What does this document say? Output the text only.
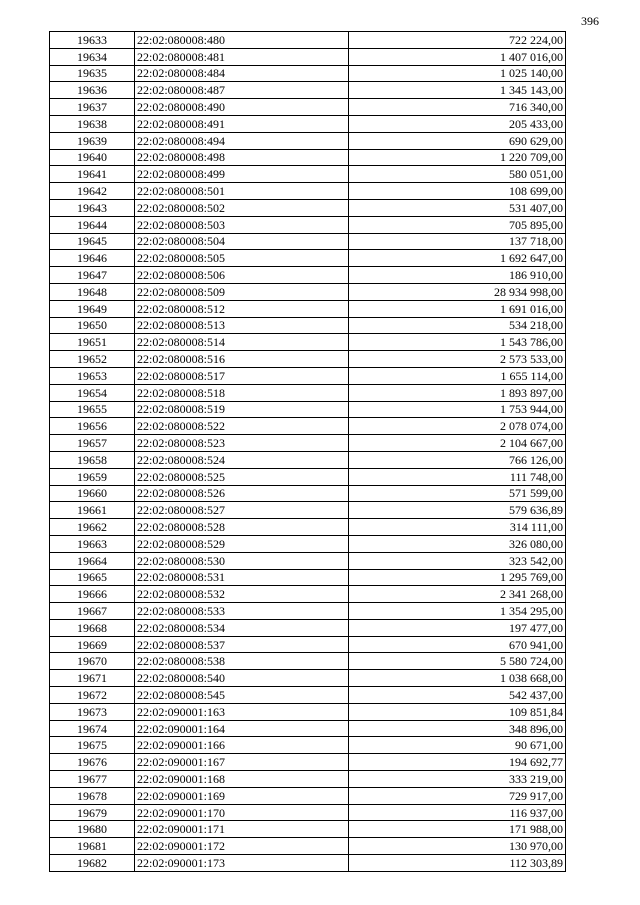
396
19633	22:02:080008:480	722 224,00
19634	22:02:080008:481	1 407 016,00
19635	22:02:080008:484	1 025 140,00
19636	22:02:080008:487	1 345 143,00
19637	22:02:080008:490	716 340,00
19638	22:02:080008:491	205 433,00
19639	22:02:080008:494	690 629,00
19640	22:02:080008:498	1 220 709,00
19641	22:02:080008:499	580 051,00
19642	22:02:080008:501	108 699,00
19643	22:02:080008:502	531 407,00
19644	22:02:080008:503	705 895,00
19645	22:02:080008:504	137 718,00
19646	22:02:080008:505	1 692 647,00
19647	22:02:080008:506	186 910,00
19648	22:02:080008:509	28 934 998,00
19649	22:02:080008:512	1 691 016,00
19650	22:02:080008:513	534 218,00
19651	22:02:080008:514	1 543 786,00
19652	22:02:080008:516	2 573 533,00
19653	22:02:080008:517	1 655 114,00
19654	22:02:080008:518	1 893 897,00
19655	22:02:080008:519	1 753 944,00
19656	22:02:080008:522	2 078 074,00
19657	22:02:080008:523	2 104 667,00
19658	22:02:080008:524	766 126,00
19659	22:02:080008:525	111 748,00
19660	22:02:080008:526	571 599,00
19661	22:02:080008:527	579 636,89
19662	22:02:080008:528	314 111,00
19663	22:02:080008:529	326 080,00
19664	22:02:080008:530	323 542,00
19665	22:02:080008:531	1 295 769,00
19666	22:02:080008:532	2 341 268,00
19667	22:02:080008:533	1 354 295,00
19668	22:02:080008:534	197 477,00
19669	22:02:080008:537	670 941,00
19670	22:02:080008:538	5 580 724,00
19671	22:02:080008:540	1 038 668,00
19672	22:02:080008:545	542 437,00
19673	22:02:090001:163	109 851,84
19674	22:02:090001:164	348 896,00
19675	22:02:090001:166	90 671,00
19676	22:02:090001:167	194 692,77
19677	22:02:090001:168	333 219,00
19678	22:02:090001:169	729 917,00
19679	22:02:090001:170	116 937,00
19680	22:02:090001:171	171 988,00
19681	22:02:090001:172	130 970,00
19682	22:02:090001:173	112 303,89
